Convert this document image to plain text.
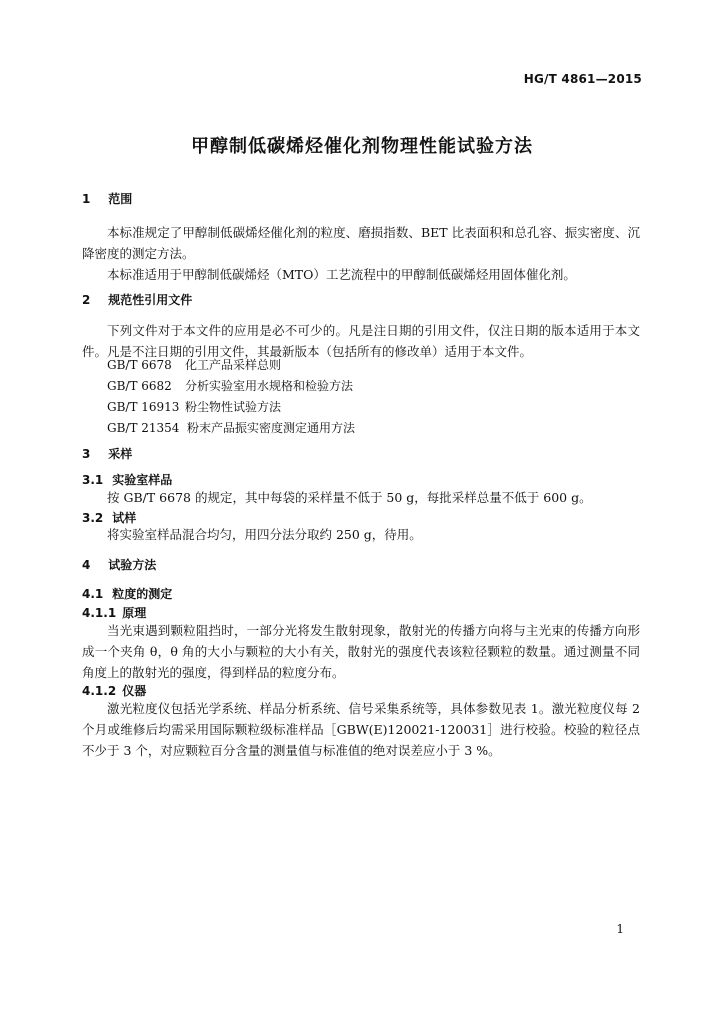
HG/T 4861—2015
甲醇制低碳烯烃催化剂物理性能试验方法
1 范围
本标准规定了甲醇制低碳烯烃催化剂的粒度、磨损指数、BET 比表面积和总孔容、振实密度、沉降密度的测定方法。
本标准适用于甲醇制低碳烯烃（MTO）工艺流程中的甲醇制低碳烯烃用固体催化剂。
2 规范性引用文件
下列文件对于本文件的应用是必不可少的。凡是注日期的引用文件，仅注日期的版本适用于本文件。凡是不注日期的引用文件，其最新版本（包括所有的修改单）适用于本文件。
GB/T 6678 化工产品采样总则
GB/T 6682 分析实验室用水规格和检验方法
GB/T 16913 粉尘物性试验方法
GB/T 21354 粉末产品振实密度测定通用方法
3 采样
3.1 实验室样品
按 GB/T 6678 的规定，其中每袋的采样量不低于 50 g，每批采样总量不低于 600 g。
3.2 试样
将实验室样品混合均匀，用四分法分取约 250 g，待用。
4 试验方法
4.1 粒度的测定
4.1.1 原理
当光束遇到颗粒阻挡时，一部分光将发生散射现象，散射光的传播方向将与主光束的传播方向形成一个夹角 θ，θ 角的大小与颗粒的大小有关，散射光的强度代表该粒径颗粒的数量。通过测量不同角度上的散射光的强度，得到样品的粒度分布。
4.1.2 仪器
激光粒度仪包括光学系统、样品分析系统、信号采集系统等，具体参数见表 1。激光粒度仪每 2 个月或维修后均需采用国际颗粒级标准样品［GBW(E)120021-120031］进行校验。校验的粒径点不少于 3 个，对应颗粒百分含量的测量值与标准值的绝对误差应小于 3 %。
1
